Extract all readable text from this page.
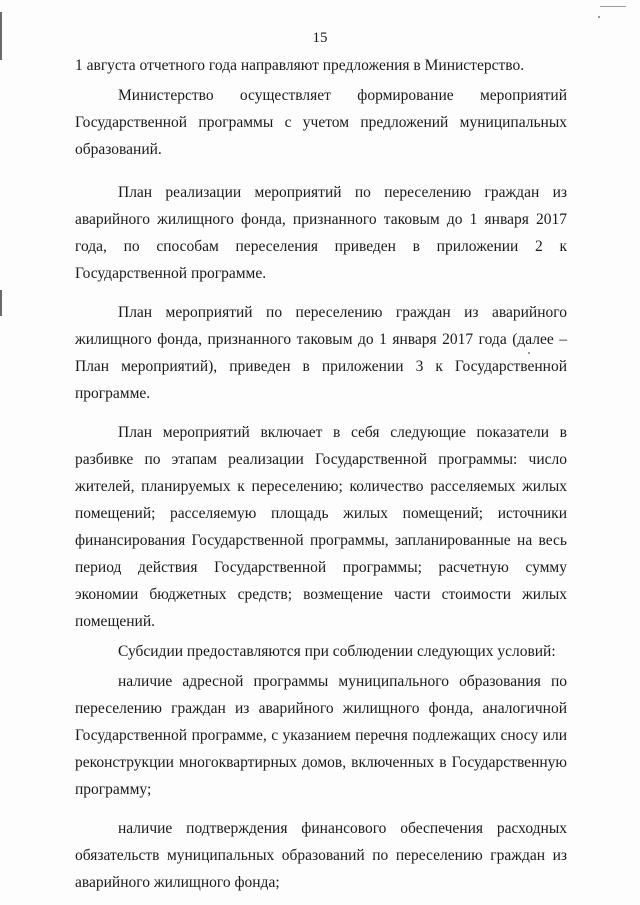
15

1 августа отчетного года направляют предложения в Министерство.

Министерство осуществляет формирование мероприятий Государственной программы с учетом предложений муниципальных образований.

План реализации мероприятий по переселению граждан из аварийного жилищного фонда, признанного таковым до 1 января 2017 года, по способам переселения приведен в приложении 2 к Государственной программе.

План мероприятий по переселению граждан из аварийного жилищного фонда, признанного таковым до 1 января 2017 года (далее – План мероприятий), приведен в приложении 3 к Государственной программе.

План мероприятий включает в себя следующие показатели в разбивке по этапам реализации Государственной программы: число жителей, планируемых к переселению; количество расселяемых жилых помещений; расселяемую площадь жилых помещений; источники финансирования Государственной программы, запланированные на весь период действия Государственной программы; расчетную сумму экономии бюджетных средств; возмещение части стоимости жилых помещений.

Субсидии предоставляются при соблюдении следующих условий:

наличие адресной программы муниципального образования по переселению граждан из аварийного жилищного фонда, аналогичной Государственной программе, с указанием перечня подлежащих сносу или реконструкции многоквартирных домов, включенных в Государственную программу;

наличие подтверждения финансового обеспечения расходных обязательств муниципальных образований по переселению граждан из аварийного жилищного фонда;
